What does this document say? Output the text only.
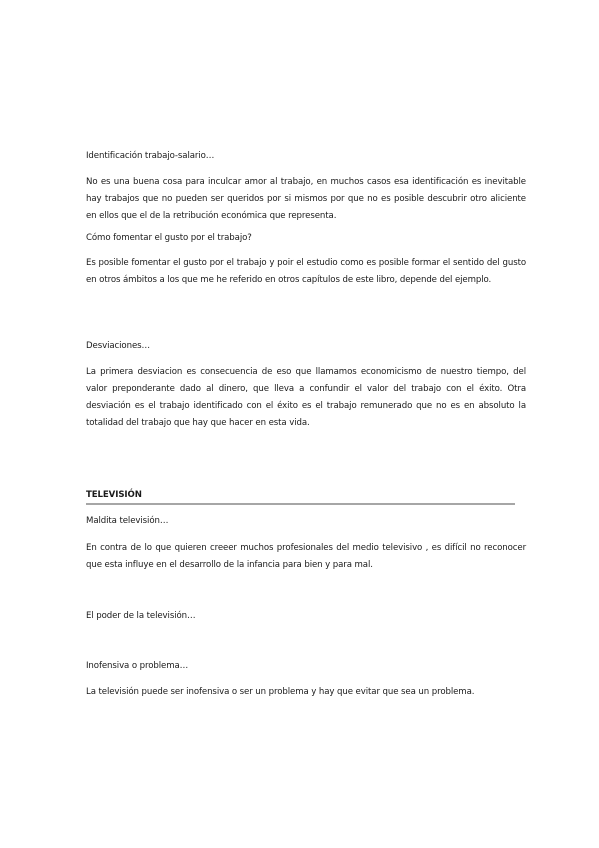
Identificación trabajo-salario…
No es una buena cosa para inculcar amor al trabajo, en muchos casos esa identificación es inevitable hay trabajos que no pueden ser queridos por si mismos por que no es posible descubrir otro aliciente en ellos que el de la retribución económica que representa.
Cómo fomentar el gusto por el trabajo?
Es posible fomentar el gusto por el trabajo y poir el estudio como es posible formar el sentido del gusto en otros ámbitos a los que me he referido en otros capítulos de este libro, depende del ejemplo.
Desviaciones…
La primera desviacion es consecuencia de eso que llamamos economicismo de nuestro tiempo, del valor preponderante dado al dinero, que lleva a confundir el valor del trabajo con el éxito. Otra desviación es el trabajo identificado con el éxito es el trabajo remunerado que no es en absoluto la totalidad del trabajo que hay que hacer en esta vida.
TELEVISIÓN
Maldita televisión…
En contra de lo que quieren creeer muchos profesionales del medio televisivo , es difícil no reconocer que esta influye en el desarrollo de la infancia para bien y para mal.
El poder de la televisión…
Inofensiva o problema…
La televisión puede ser inofensiva o ser un problema y hay que evitar que sea un problema.
